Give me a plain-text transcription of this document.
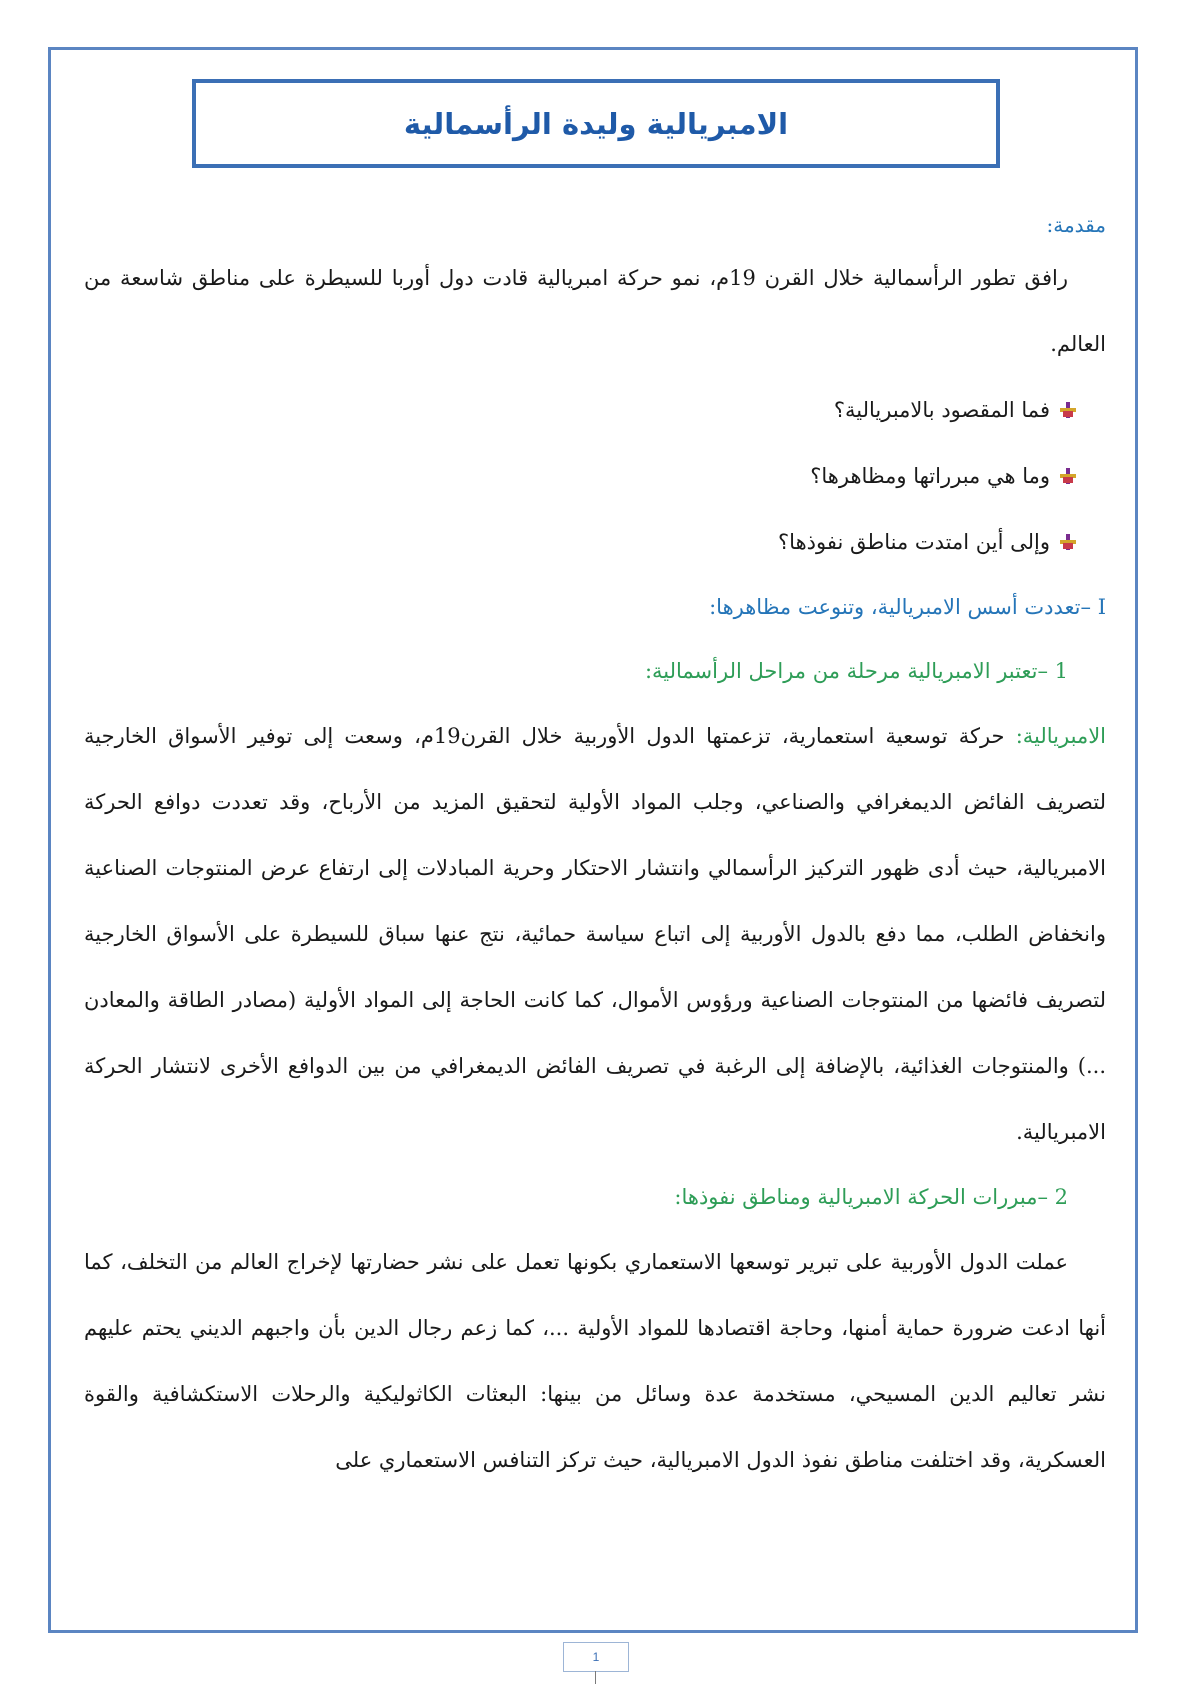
الامبريالية وليدة الرأسمالية

مقدمة:

رافق تطور الرأسمالية خلال القرن 19م، نمو حركة امبريالية قادت دول أوربا للسيطرة على مناطق شاسعة من العالم.

فما المقصود بالامبريالية؟
وما هي مبرراتها ومظاهرها؟
وإلى أين امتدت مناطق نفوذها؟

I –تعددت أسس الامبريالية، وتنوعت مظاهرها:

1 –تعتبر الامبريالية مرحلة من مراحل الرأسمالية:

الامبريالية: حركة توسعية استعمارية، تزعمتها الدول الأوربية خلال القرن19م، وسعت إلى توفير الأسواق الخارجية لتصريف الفائض الديمغرافي والصناعي، وجلب المواد الأولية لتحقيق المزيد من الأرباح، وقد تعددت دوافع الحركة الامبريالية، حيث أدى ظهور التركيز الرأسمالي وانتشار الاحتكار وحرية المبادلات إلى ارتفاع عرض المنتوجات الصناعية وانخفاض الطلب، مما دفع بالدول الأوربية إلى اتباع سياسة حمائية، نتج عنها سباق للسيطرة على الأسواق الخارجية لتصريف فائضها من المنتوجات الصناعية ورؤوس الأموال، كما كانت الحاجة إلى المواد الأولية (مصادر الطاقة والمعادن ...) والمنتوجات الغذائية، بالإضافة إلى الرغبة في تصريف الفائض الديمغرافي من بين الدوافع الأخرى لانتشار الحركة الامبريالية.

2 –مبررات الحركة الامبريالية ومناطق نفوذها:

عملت الدول الأوربية على تبرير توسعها الاستعماري بكونها تعمل على نشر حضارتها لإخراج العالم من التخلف، كما أنها ادعت ضرورة حماية أمنها، وحاجة اقتصادها للمواد الأولية ...، كما زعم رجال الدين بأن واجبهم الديني يحتم عليهم نشر تعاليم الدين المسيحي، مستخدمة عدة وسائل من بينها: البعثات الكاثوليكية والرحلات الاستكشافية والقوة العسكرية، وقد اختلفت مناطق نفوذ الدول الامبريالية، حيث تركز التنافس الاستعماري على

1
